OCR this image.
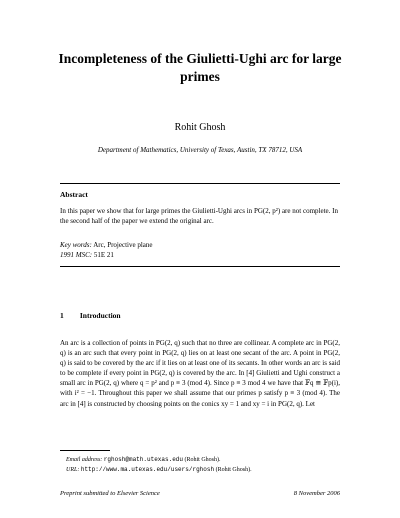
Incompleteness of the Giulietti-Ughi arc for large primes
Rohit Ghosh
Department of Mathematics, University of Texas, Austin, TX 78712, USA
Abstract
In this paper we show that for large primes the Giulietti-Ughi arcs in PG(2, p²) are not complete. In the second half of the paper we extend the original arc.
Key words: Arc, Projective plane
1991 MSC: 51E 21
1 Introduction

An arc is a collection of points in PG(2, q) such that no three are collinear. A complete arc in PG(2, q) is an arc such that every point in PG(2, q) lies on at least one secant of the arc. A point in PG(2, q) is said to be covered by the arc if it lies on at least one of its secants. In other words an arc is said to be complete if every point in PG(2, q) is covered by the arc. In [4] Giulietti and Ughi construct a small arc in PG(2, q) where q = p² and p ≡ 3 (mod 4). Since p ≡ 3 mod 4 we have that 𝔽q ≅ 𝔽p(i), with i² = −1. Throughout this paper we shall assume that our primes p satisfy p ≡ 3 (mod 4). The arc in [4] is constructed by choosing points on the conics xy = 1 and xy = i in PG(2, q). Let

Email address: rghosh@math.utexas.edu (Rohit Ghosh).
URL: http://www.ma.utexas.edu/users/rghosh (Rohit Ghosh).
Preprint submitted to Elsevier Science	8 November 2006
